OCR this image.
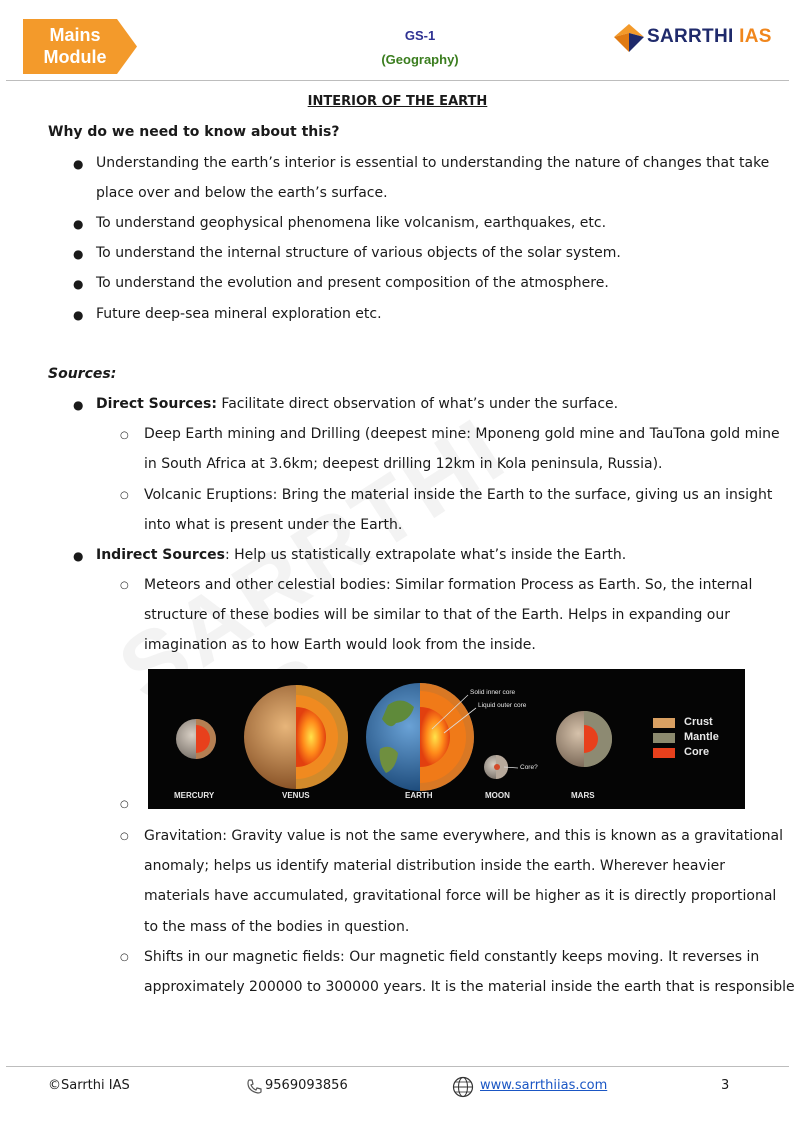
Mains
Module
GS-1
(Geography)
SARRTHI IAS
INTERIOR OF THE EARTH
Why do we need to know about this?
● Understanding the earth’s interior is essential to understanding the nature of changes that take
place over and below the earth’s surface.
● To understand geophysical phenomena like volcanism, earthquakes, etc.
● To understand the internal structure of various objects of the solar system.
● To understand the evolution and present composition of the atmosphere.
● Future deep-sea mineral exploration etc.
Sources:
● Direct Sources: Facilitate direct observation of what’s under the surface.
○ Deep Earth mining and Drilling (deepest mine: Mponeng gold mine and TauTona gold mine
in South Africa at 3.6km; deepest drilling 12km in Kola peninsula, Russia).
○ Volcanic Eruptions: Bring the material inside the Earth to the surface, giving us an insight
into what is present under the Earth.
● Indirect Sources: Help us statistically extrapolate what’s inside the Earth.
○ Meteors and other celestial bodies: Similar formation Process as Earth. So, the internal
structure of these bodies will be similar to that of the Earth. Helps in expanding our
imagination as to how Earth would look from the inside.
○
MERCURY	VENUS	EARTH	MOON	MARS
Solid inner core
Liquid outer core
Core?
Crust
Mantle
Core
○ Gravitation: Gravity value is not the same everywhere, and this is known as a gravitational
anomaly; helps us identify material distribution inside the earth. Wherever heavier
materials have accumulated, gravitational force will be higher as it is directly proportional
to the mass of the bodies in question.
○ Shifts in our magnetic fields: Our magnetic field constantly keeps moving. It reverses in
approximately 200000 to 300000 years. It is the material inside the earth that is responsible
©Sarrthi IAS	9569093856	www.sarrthiias.com	3
